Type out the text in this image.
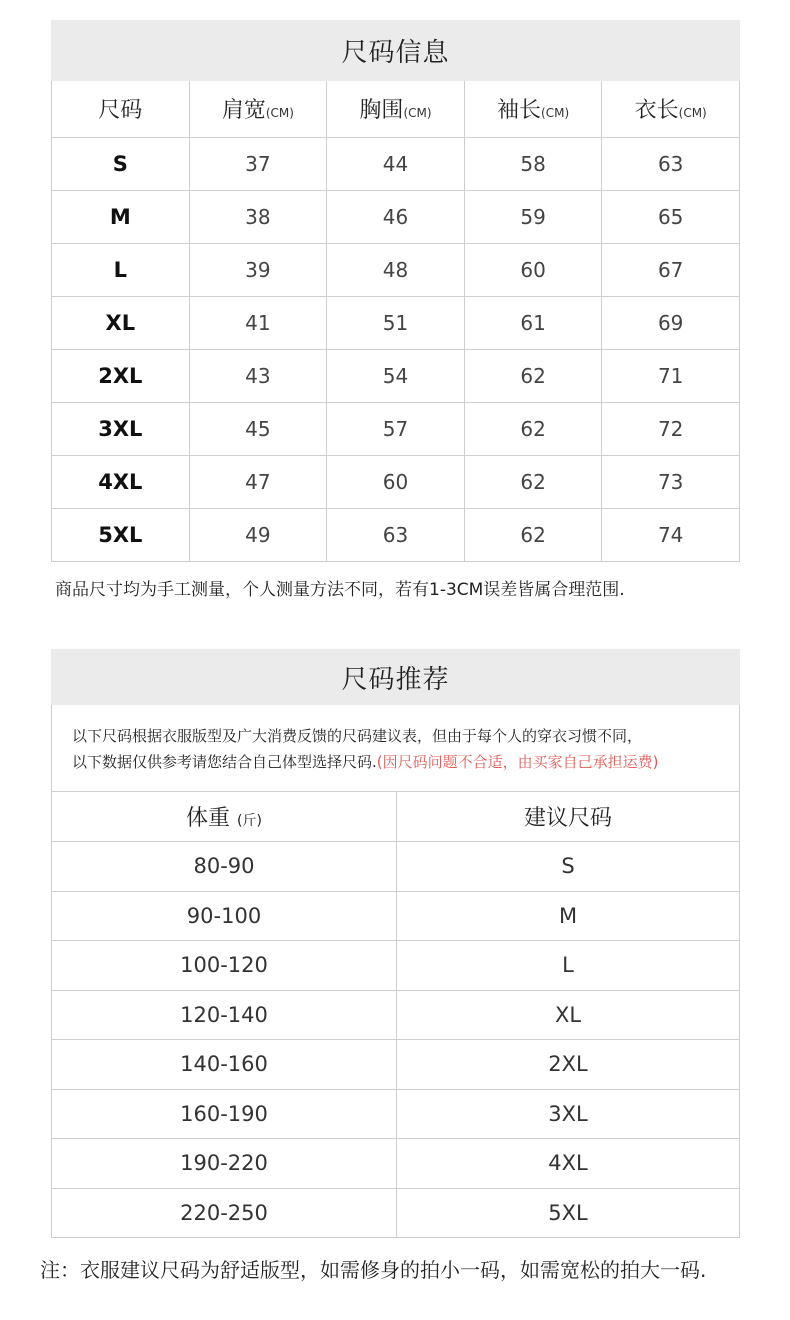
尺码信息
尺码	肩宽(CM)	胸围(CM)	袖长(CM)	衣长(CM)
S	37	44	58	63
M	38	46	59	65
L	39	48	60	67
XL	41	51	61	69
2XL	43	54	62	71
3XL	45	57	62	72
4XL	47	60	62	73
5XL	49	63	62	74
商品尺寸均为手工测量，个人测量方法不同，若有1-3CM误差皆属合理范围.
尺码推荐
以下尺码根据衣服版型及广大消费反馈的尺码建议表，但由于每个人的穿衣习惯不同，
以下数据仅供参考请您结合自己体型选择尺码.(因尺码问题不合适，由买家自己承担运费)
体重 (斤)	建议尺码
80-90	S
90-100	M
100-120	L
120-140	XL
140-160	2XL
160-190	3XL
190-220	4XL
220-250	5XL
注：衣服建议尺码为舒适版型，如需修身的拍小一码，如需宽松的拍大一码.
